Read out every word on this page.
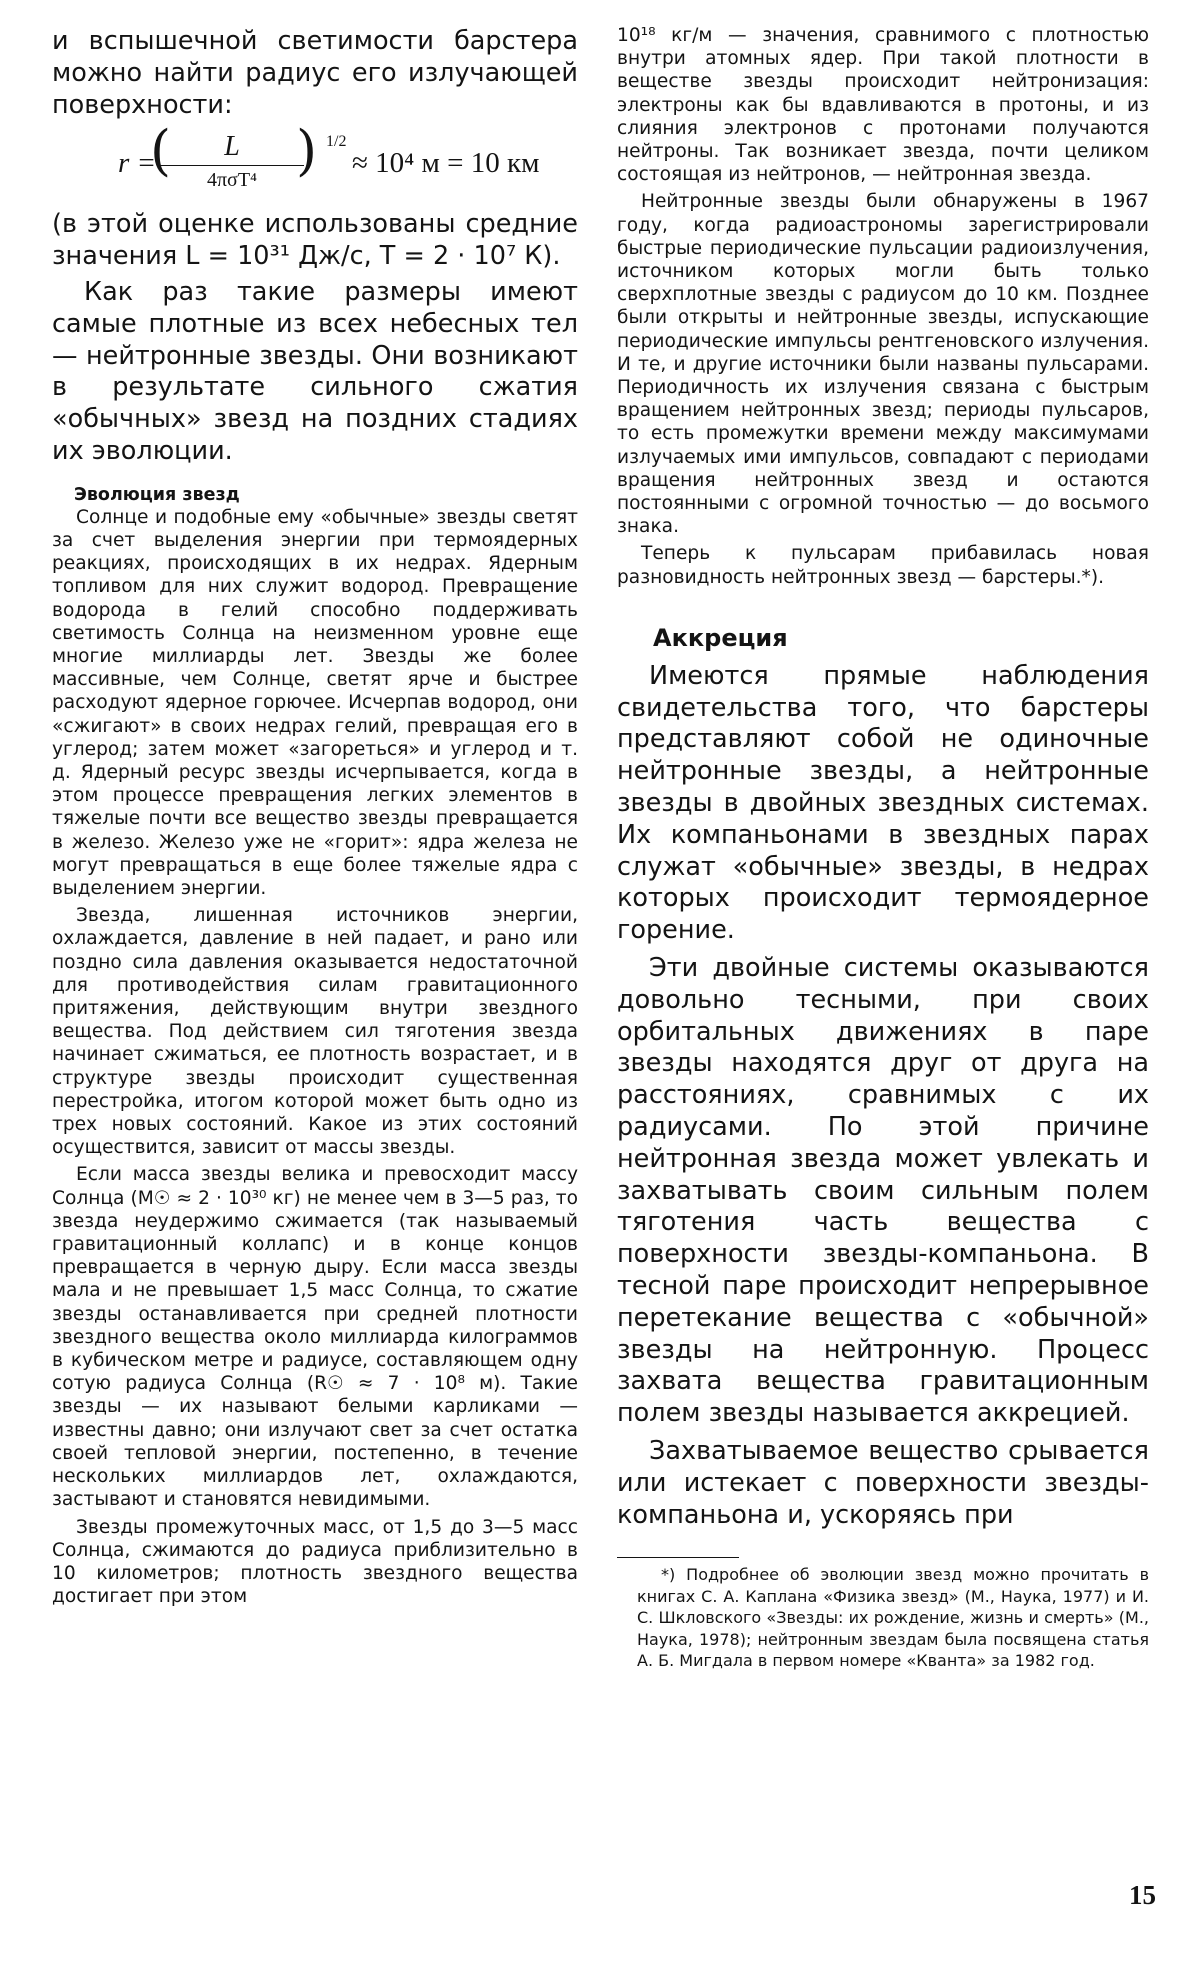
и вспышечной светимости барстера можно найти радиус его излучающей поверхности:

r =
(	L
4πσT⁴ ) 1/2
≈ 10⁴ м = 10 км

(в этой оценке использованы средние значения L = 10³¹ Дж/с, T = 2 · 10⁷ К).

Как раз такие размеры имеют самые плотные из всех небесных тел — нейтронные звезды. Они возникают в результате сильного сжатия «обычных» звезд на поздних стадиях их эволюции.

Эволюция звезд

Солнце и подобные ему «обычные» звезды светят за счет выделения энергии при термоядерных реакциях, происходящих в их недрах. Ядерным топливом для них служит водород. Превращение водорода в гелий способно поддерживать светимость Солнца на неизменном уровне еще многие миллиарды лет. Звезды же более массивные, чем Солнце, светят ярче и быстрее расходуют ядерное горючее. Исчерпав водород, они «сжигают» в своих недрах гелий, превращая его в углерод; затем может «загореться» и углерод и т. д. Ядерный ресурс звезды исчерпывается, когда в этом процессе превращения легких элементов в тяжелые почти все вещество звезды превращается в железо. Железо уже не «горит»: ядра железа не могут превращаться в еще более тяжелые ядра с выделением энергии.

Звезда, лишенная источников энергии, охлаждается, давление в ней падает, и рано или поздно сила давления оказывается недостаточной для противодействия силам гравитационного притяжения, действующим внутри звездного вещества. Под действием сил тяготения звезда начинает сжиматься, ее плотность возрастает, и в структуре звезды происходит существенная перестройка, итогом которой может быть одно из трех новых состояний. Какое из этих состояний осуществится, зависит от массы звезды.

Если масса звезды велика и превосходит массу Солнца (M☉ ≈ 2 · 10³⁰ кг) не менее чем в 3—5 раз, то звезда неудержимо сжимается (так называемый гравитационный коллапс) и в конце концов превращается в черную дыру. Если масса звезды мала и не превышает 1,5 масс Солнца, то сжатие звезды останавливается при средней плотности звездного вещества около миллиарда килограммов в кубическом метре и радиусе, составляющем одну сотую радиуса Солнца (R☉ ≈ 7 · 10⁸ м). Такие звезды — их называют белыми карликами — известны давно; они излучают свет за счет остатка своей тепловой энергии, постепенно, в течение нескольких миллиардов лет, охлаждаются, застывают и становятся невидимыми.

Звезды промежуточных масс, от 1,5 до 3—5 масс Солнца, сжимаются до радиуса приблизительно в 10 километров; плотность звездного вещества достигает при этом

10¹⁸ кг/м — значения, сравнимого с плотностью внутри атомных ядер. При такой плотности в веществе звезды происходит нейтронизация: электроны как бы вдавливаются в протоны, и из слияния электронов с протонами получаются нейтроны. Так возникает звезда, почти целиком состоящая из нейтронов, — нейтронная звезда.

Нейтронные звезды были обнаружены в 1967 году, когда радиоастрономы зарегистрировали быстрые периодические пульсации радиоизлучения, источником которых могли быть только сверхплотные звезды с радиусом до 10 км. Позднее были открыты и нейтронные звезды, испускающие периодические импульсы рентгеновского излучения. И те, и другие источники были названы пульсарами. Периодичность их излучения связана с быстрым вращением нейтронных звезд; периоды пульсаров, то есть промежутки времени между максимумами излучаемых ими импульсов, совпадают с периодами вращения нейтронных звезд и остаются постоянными с огромной точностью — до восьмого знака.

Теперь к пульсарам прибавилась новая разновидность нейтронных звезд — барстеры.*).

Аккреция

Имеются прямые наблюдения свидетельства того, что барстеры представляют собой не одиночные нейтронные звезды, а нейтронные звезды в двойных звездных системах. Их компаньонами в звездных парах служат «обычные» звезды, в недрах которых происходит термоядерное горение.

Эти двойные системы оказываются довольно тесными, при своих орбитальных движениях в паре звезды находятся друг от друга на расстояниях, сравнимых с их радиусами. По этой причине нейтронная звезда может увлекать и захватывать своим сильным полем тяготения часть вещества с поверхности звезды-компаньона. В тесной паре происходит непрерывное перетекание вещества с «обычной» звезды на нейтронную. Процесс захвата вещества гравитационным полем звезды называется аккрецией.

Захватываемое вещество срывается или истекает с поверхности звезды-компаньона и, ускоряясь при

*) Подробнее об эволюции звезд можно прочитать в книгах С. А. Каплана «Физика звезд» (М., Наука, 1977) и И. С. Шкловского «Звезды: их рождение, жизнь и смерть» (М., Наука, 1978); нейтронным звездам была посвящена статья А. Б. Мигдала в первом номере «Кванта» за 1982 год.

15
